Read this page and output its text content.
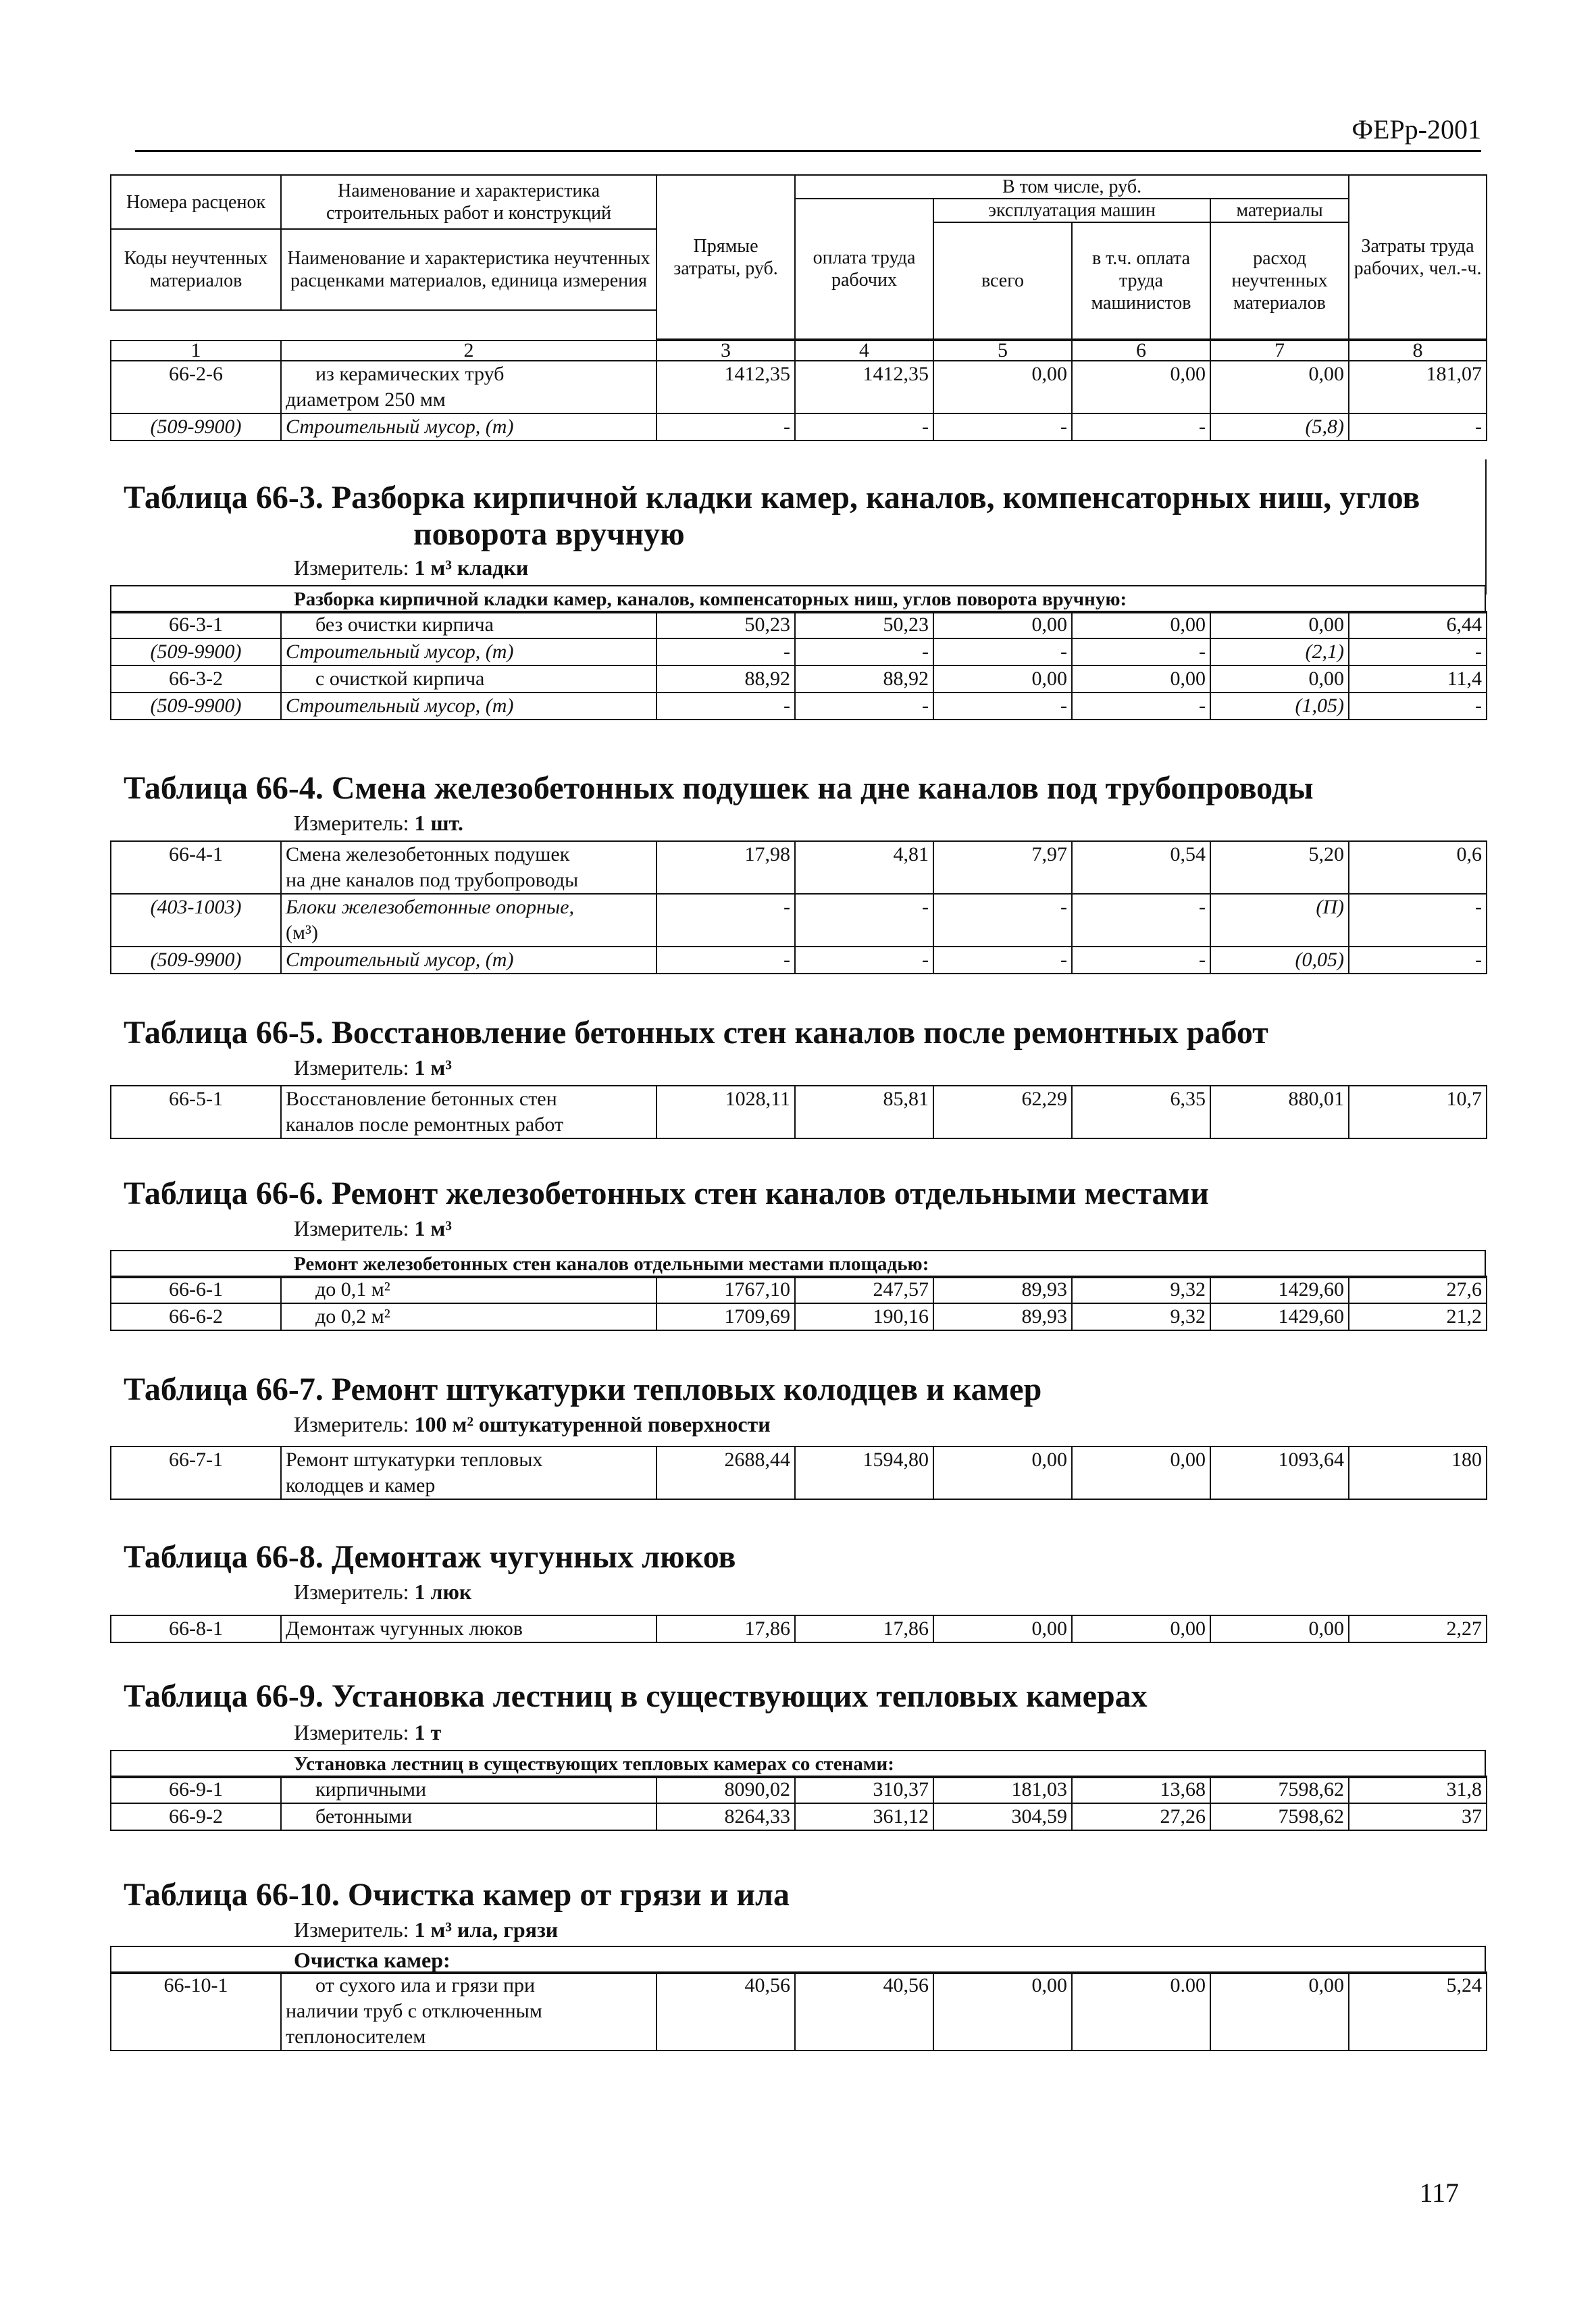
ФЕРр-2001
Номера расценок	Наименование и характеристика строительных работ и конструкций	Прямые затраты, руб.	В том числе, руб.				Затраты труда рабочих, чел.-ч.
			оплата труда рабочих	эксплуатация машин		материалы	
				всего	в т.ч. оплата труда машинистов	расход неучтенных материалов	
Коды неучтенных материалов	Наименование и характеристика неучтенных расценками материалов, единица измерения						

1	2	3	4	5	6	7	8
66-2-6	из керамических труб	1412,35	1412,35	0,00	0,00	0,00	181,07
	диаметром 250 мм						
(509-9900)	Строительный мусор, (т)	-	-	-	-	(5,8)	-
Таблица 66-3. Разборка кирпичной кладки камер, каналов, компенсаторных ниш, углов
поворота вручную
Измеритель: 1 м³ кладки
Разборка кирпичной кладки камер, каналов, компенсаторных ниш, углов поворота вручную:
66-3-1	без очистки кирпича	50,23	50,23	0,00	0,00	0,00	6,44
(509-9900)	Строительный мусор, (т)	-	-	-	-	(2,1)	-
66-3-2	с очисткой кирпича	88,92	88,92	0,00	0,00	0,00	11,4
(509-9900)	Строительный мусор, (т)	-	-	-	-	(1,05)	-
Таблица 66-4. Смена железобетонных подушек на дне каналов под трубопроводы
Измеритель: 1 шт.
66-4-1	Смена железобетонных подушек	17,98	4,81	7,97	0,54	5,20	0,6
	на дне каналов под трубопроводы						
(403-1003)	Блоки железобетонные опорные,	-	-	-	-	(П)	-
	(м³)						
(509-9900)	Строительный мусор, (т)	-	-	-	-	(0,05)	-
Таблица 66-5. Восстановление бетонных стен каналов после ремонтных работ
Измеритель: 1 м³
66-5-1	Восстановление бетонных стен	1028,11	85,81	62,29	6,35	880,01	10,7
	каналов после ремонтных работ						
Таблица 66-6. Ремонт железобетонных стен каналов отдельными местами
Измеритель: 1 м³
Ремонт железобетонных стен каналов отдельными местами площадью:
66-6-1	до 0,1 м²	1767,10	247,57	89,93	9,32	1429,60	27,6
66-6-2	до 0,2 м²	1709,69	190,16	89,93	9,32	1429,60	21,2
Таблица 66-7. Ремонт штукатурки тепловых колодцев и камер
Измеритель: 100 м² оштукатуренной поверхности
66-7-1	Ремонт штукатурки тепловых	2688,44	1594,80	0,00	0,00	1093,64	180
	колодцев и камер						
Таблица 66-8. Демонтаж чугунных люков
Измеритель: 1 люк
66-8-1	Демонтаж чугунных люков	17,86	17,86	0,00	0,00	0,00	2,27
Таблица 66-9. Установка лестниц в существующих тепловых камерах
Измеритель: 1 т
Установка лестниц в существующих тепловых камерах со стенами:
66-9-1	кирпичными	8090,02	310,37	181,03	13,68	7598,62	31,8
66-9-2	бетонными	8264,33	361,12	304,59	27,26	7598,62	37
Таблица 66-10. Очистка камер от грязи и ила
Измеритель: 1 м³ ила, грязи
Очистка камер:
66-10-1	от сухого ила и грязи при	40,56	40,56	0,00	0.00	0,00	5,24
	наличии труб с отключенным						
	теплоносителем						
117
